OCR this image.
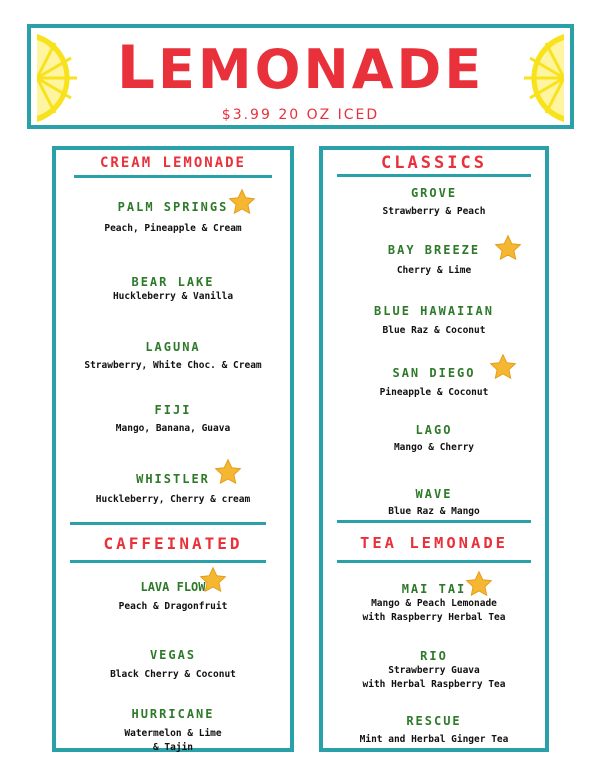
LEMONADE
$3.99 20 OZ ICED
CREAM LEMONADE
PALM SPRINGS
Peach, Pineapple & Cream
BEAR LAKE
Huckleberry & Vanilla
LAGUNA
Strawberry, White Choc. & Cream
FIJI
Mango, Banana, Guava
WHISTLER
Huckleberry, Cherry & cream
CAFFEINATED
LAVA FLOW
Peach & Dragonfruit
VEGAS
Black Cherry & Coconut
HURRICANE
Watermelon & Lime
& Tajin
CLASSICS
GROVE
Strawberry & Peach
BAY BREEZE
Cherry & Lime
BLUE HAWAIIAN
Blue Raz & Coconut
SAN DIEGO
Pineapple & Coconut
LAGO
Mango & Cherry
WAVE
Blue Raz & Mango
TEA LEMONADE
MAI TAI
Mango & Peach Lemonade
with Raspberry Herbal Tea
RIO
Strawberry Guava
with Herbal Raspberry Tea
RESCUE
Mint and Herbal Ginger Tea
